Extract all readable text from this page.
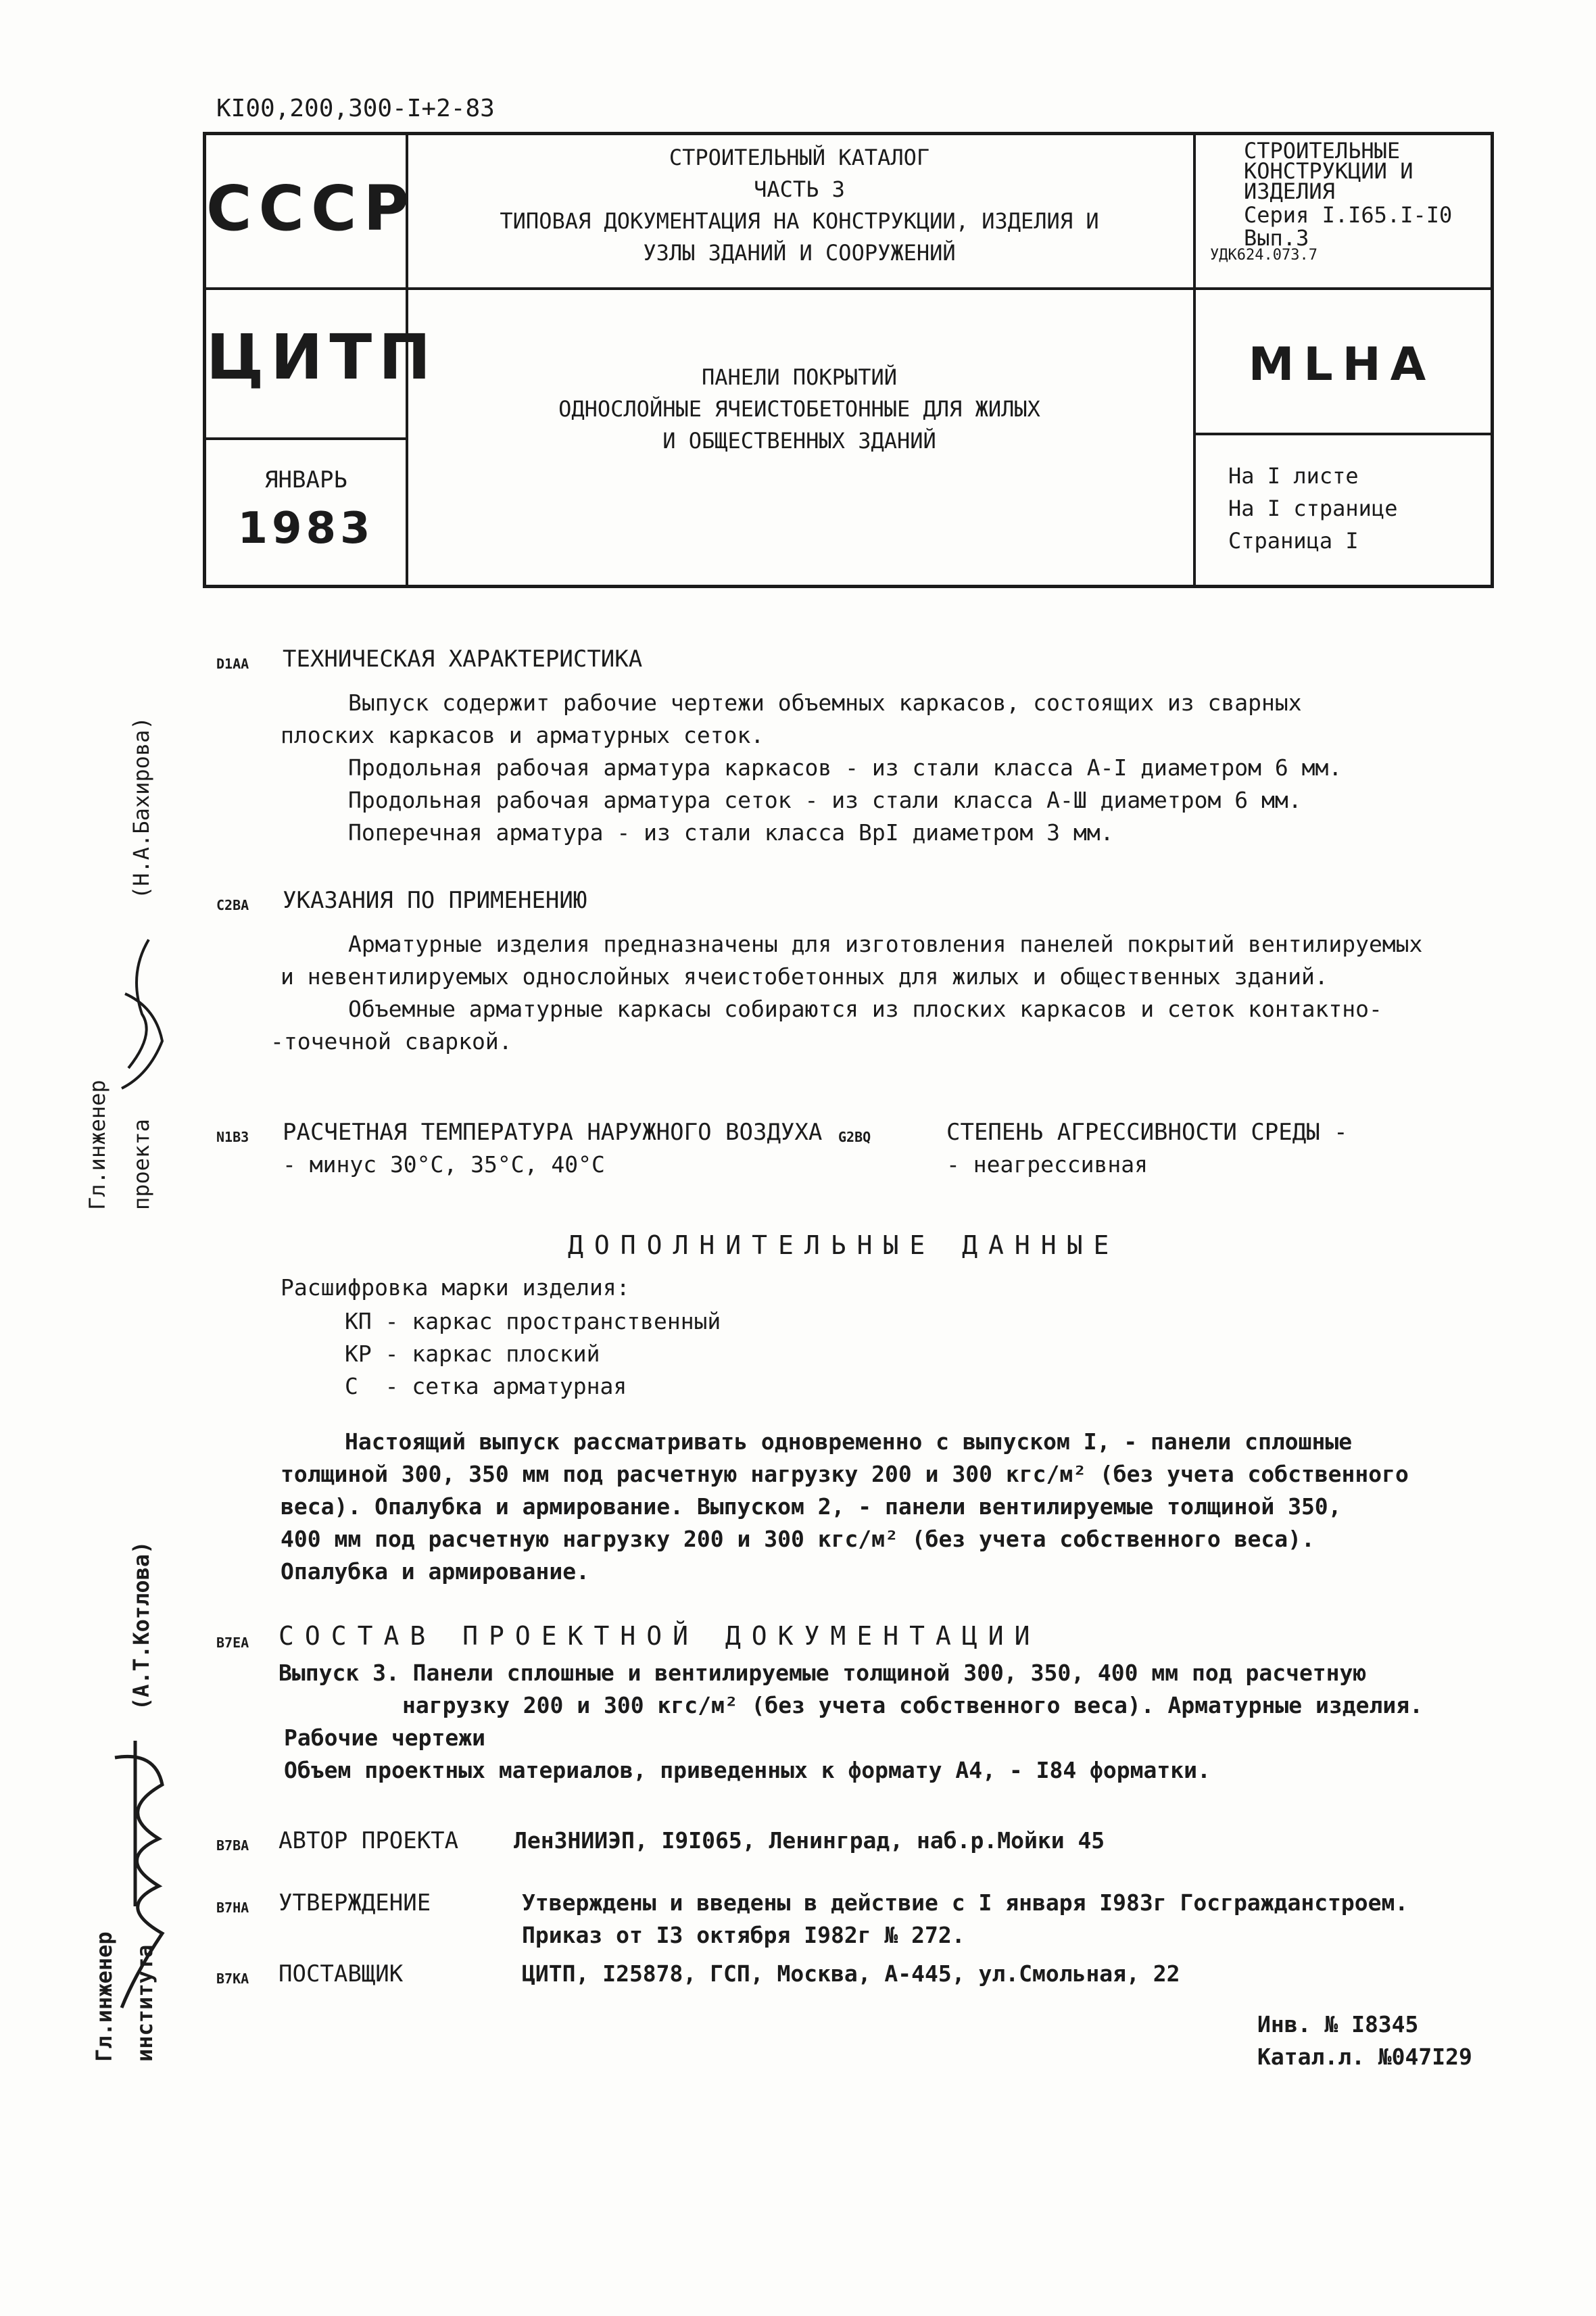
КI00,200,300-I+2-83
СССР
ЦИТП
ЯНВАРЬ
1983
СТРОИТЕЛЬНЫЙ КАТАЛОГ
ЧАСТЬ 3
ТИПОВАЯ ДОКУМЕНТАЦИЯ НА КОНСТРУКЦИИ, ИЗДЕЛИЯ И
УЗЛЫ ЗДАНИЙ И СООРУЖЕНИЙ
ПАНЕЛИ ПОКРЫТИЙ
ОДНОСЛОЙНЫЕ ЯЧЕИСТОБЕТОННЫЕ ДЛЯ ЖИЛЫХ
И ОБЩЕСТВЕННЫХ ЗДАНИЙ
СТРОИТЕЛЬНЫЕ
КОНСТРУКЦИИ И
ИЗДЕЛИЯ
Серия I.I65.I-I0
Вып.3
УДК624.073.7
MLHA
На I листе
На I странице
Страница I
D1AA ТЕХНИЧЕСКАЯ ХАРАКТЕРИСТИКА
Выпуск содержит рабочие чертежи объемных каркасов, состоящих из сварных
плоских каркасов и арматурных сеток.
Продольная рабочая арматура каркасов - из стали класса А-I диаметром 6 мм.
Продольная рабочая арматура сеток - из стали класса А-Ш диаметром 6 мм.
Поперечная арматура - из стали класса ВрI диаметром 3 мм.
C2BA УКАЗАНИЯ ПО ПРИМЕНЕНИЮ
Арматурные изделия предназначены для изготовления панелей покрытий вентилируемых
и невентилируемых однослойных ячеистобетонных для жилых и общественных зданий.
Объемные арматурные каркасы собираются из плоских каркасов и сеток контактно-
-точечной сваркой.
N1B3 РАСЧЕТНАЯ ТЕМПЕРАТУРА НАРУЖНОГО ВОЗДУХА
- минус 30°С, 35°С, 40°С
G2BQ	СТЕПЕНЬ АГРЕССИВНОСТИ СРЕДЫ -
- неагрессивная
ДОПОЛНИТЕЛЬНЫЕ ДАННЫЕ
Расшифровка марки изделия:
КП - каркас пространственный
КР - каркас плоский
С  - сетка арматурная
Настоящий выпуск рассматривать одновременно с выпуском I, - панели сплошные
толщиной 300, 350 мм под расчетную нагрузку 200 и 300 кгс/м² (без учета собственного
веса). Опалубка и армирование. Выпуском 2, - панели вентилируемые толщиной 350,
400 мм под расчетную нагрузку 200 и 300 кгс/м² (без учета собственного веса).
Опалубка и армирование.
B7EA СОСТАВ ПРОЕКТНОЙ ДОКУМЕНТАЦИИ
Выпуск 3. Панели сплошные и вентилируемые толщиной 300, 350, 400 мм под расчетную
нагрузку 200 и 300 кгс/м² (без учета собственного веса). Арматурные изделия.
Рабочие чертежи
Объем проектных материалов, приведенных к формату А4, - I84 форматки.
B7BA АВТОР ПРОЕКТА ЛенЗНИИЭП, I9I065, Ленинград, наб.р.Мойки 45
B7HA УТВЕРЖДЕНИЕ	Утверждены и введены в действие с I января I983г Госгражданстроем.
Приказ от I3 октября I982г № 272.
B7KA ПОСТАВЩИК	ЦИТП, I25878, ГСП, Москва, А-445, ул.Смольная, 22
Инв. № I8345
Катал.л. №047I29
(Н.А.Бахирова)
Гл.инженер проекта
(А.Т.Котлова)
Гл.инженер института
